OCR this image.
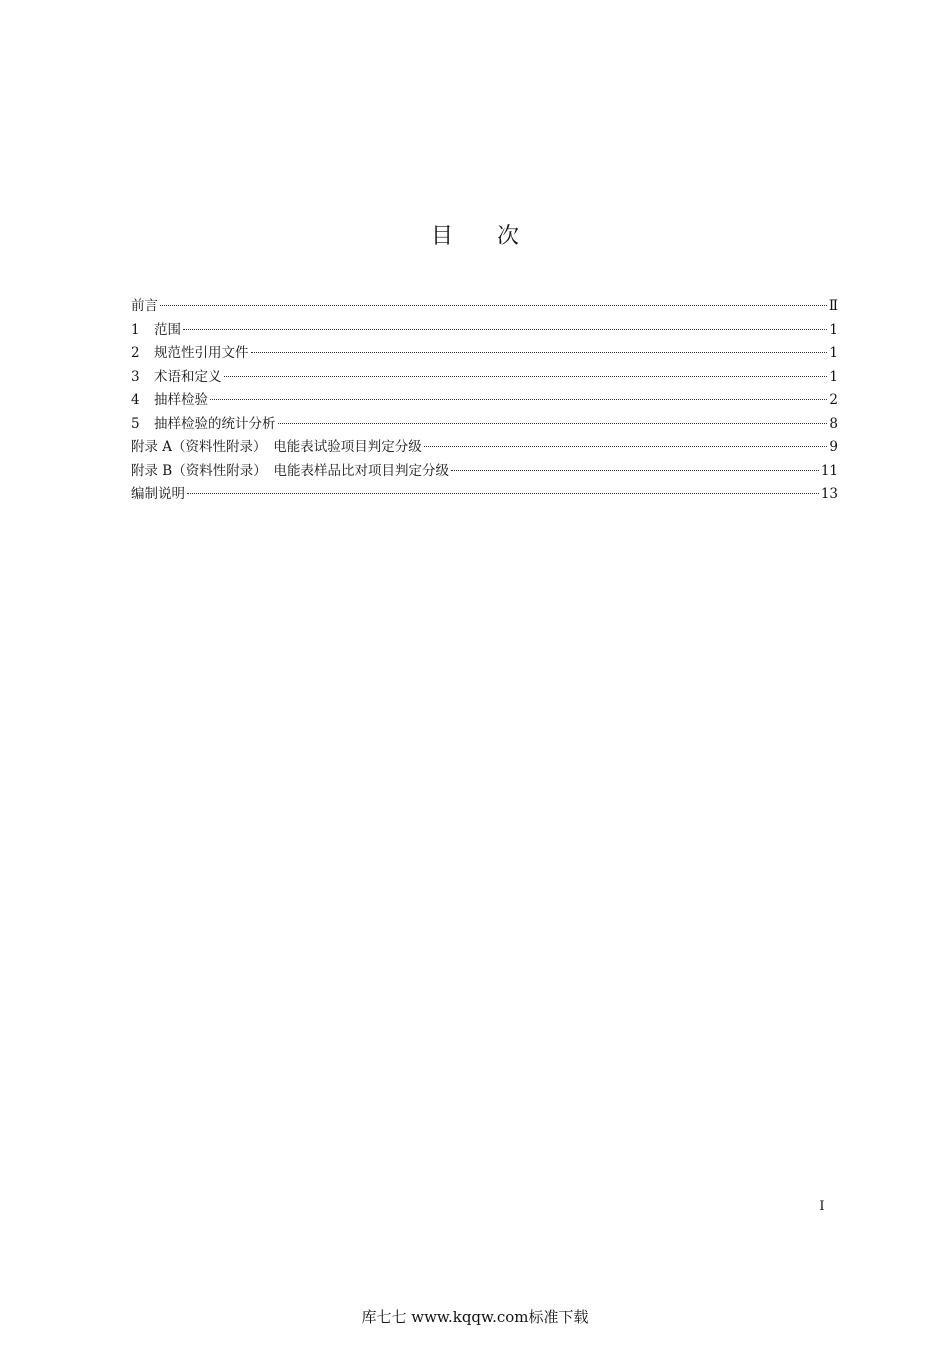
目　　次
前言	Ⅱ
1	范围	1
2	规范性引用文件	1
3	术语和定义	1
4	抽样检验	2
5	抽样检验的统计分析	8
附录 A（资料性附录）　电能表试验项目判定分级	9
附录 B（资料性附录）　电能表样品比对项目判定分级	11
编制说明	13
I
库七七 www.kqqw.com标准下载
